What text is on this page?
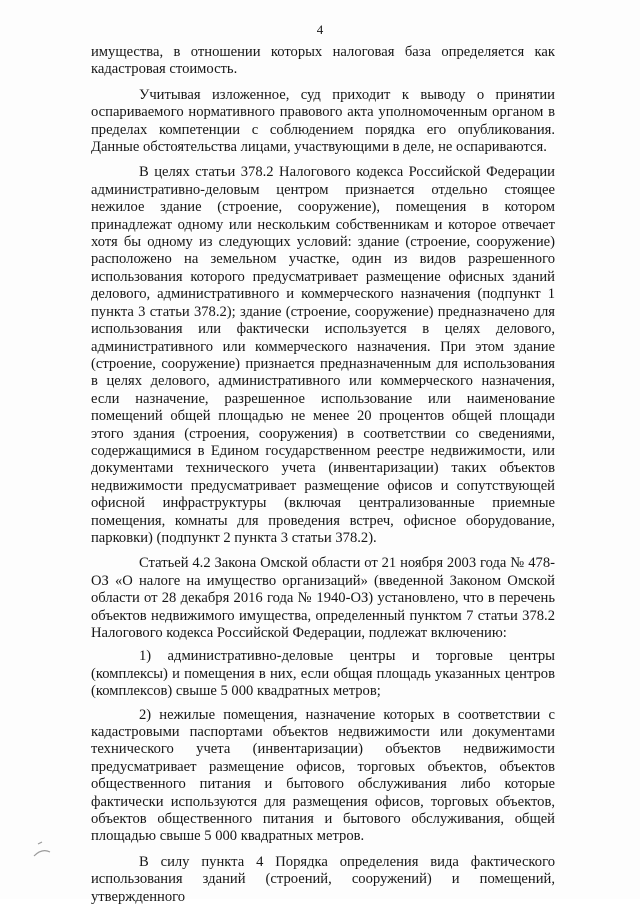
4

имущества, в отношении которых налоговая база определяется как кадастровая стоимость.

Учитывая изложенное, суд приходит к выводу о принятии оспариваемого нормативного правового акта уполномоченным органом в пределах компетенции с соблюдением порядка его опубликования. Данные обстоятельства лицами, участвующими в деле, не оспариваются.

В целях статьи 378.2 Налогового кодекса Российской Федерации административно-деловым центром признается отдельно стоящее нежилое здание (строение, сооружение), помещения в котором принадлежат одному или нескольким собственникам и которое отвечает хотя бы одному из следующих условий: здание (строение, сооружение) расположено на земельном участке, один из видов разрешенного использования которого предусматривает размещение офисных зданий делового, административного и коммерческого назначения (подпункт 1 пункта 3 статьи 378.2); здание (строение, сооружение) предназначено для использования или фактически используется в целях делового, административного или коммерческого назначения. При этом здание (строение, сооружение) признается предназначенным для использования в целях делового, административного или коммерческого назначения, если назначение, разрешенное использование или наименование помещений общей площадью не менее 20 процентов общей площади этого здания (строения, сооружения) в соответствии со сведениями, содержащимися в Едином государственном реестре недвижимости, или документами технического учета (инвентаризации) таких объектов недвижимости предусматривает размещение офисов и сопутствующей офисной инфраструктуры (включая централизованные приемные помещения, комнаты для проведения встреч, офисное оборудование, парковки) (подпункт 2 пункта 3 статьи 378.2).

Статьей 4.2 Закона Омской области от 21 ноября 2003 года № 478-ОЗ «О налоге на имущество организаций» (введенной Законом Омской области от 28 декабря 2016 года № 1940-ОЗ) установлено, что в перечень объектов недвижимого имущества, определенный пунктом 7 статьи 378.2 Налогового кодекса Российской Федерации, подлежат включению:

1) административно-деловые центры и торговые центры (комплексы) и помещения в них, если общая площадь указанных центров (комплексов) свыше 5 000 квадратных метров;

2) нежилые помещения, назначение которых в соответствии с кадастровыми паспортами объектов недвижимости или документами технического учета (инвентаризации) объектов недвижимости предусматривает размещение офисов, торговых объектов, объектов общественного питания и бытового обслуживания либо которые фактически используются для размещения офисов, торговых объектов, объектов общественного питания и бытового обслуживания, общей площадью свыше 5 000 квадратных метров.

В силу пункта 4 Порядка определения вида фактического использования зданий (строений, сооружений) и помещений, утвержденного
